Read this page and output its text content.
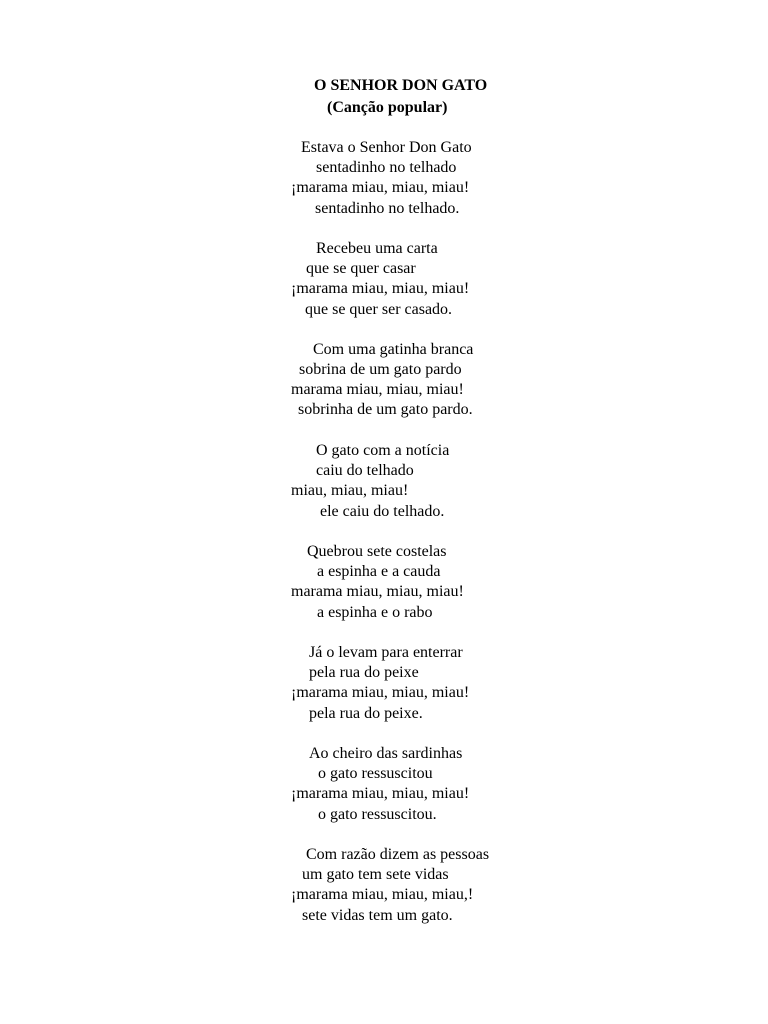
O SENHOR DON GATO
(Canção popular)
Estava o Senhor Don Gato
sentadinho no telhado
¡marama miau, miau, miau!
sentadinho no telhado.
Recebeu uma carta
que se quer casar
¡marama miau, miau, miau!
que se quer ser casado.
Com uma gatinha branca
sobrina de um gato pardo
marama miau, miau, miau!
sobrinha de um gato pardo.
O gato com a notícia
caiu do telhado
miau, miau, miau!
ele caiu do telhado.
Quebrou sete costelas
a espinha e a cauda
marama miau, miau, miau!
a espinha e o rabo
Já o levam para enterrar
pela rua do peixe
¡marama miau, miau, miau!
pela rua do peixe.
Ao cheiro das sardinhas
o gato ressuscitou
¡marama miau, miau, miau!
o gato ressuscitou.
Com razão dizem as pessoas
um gato tem sete vidas
¡marama miau, miau, miau,!
sete vidas tem um gato.
